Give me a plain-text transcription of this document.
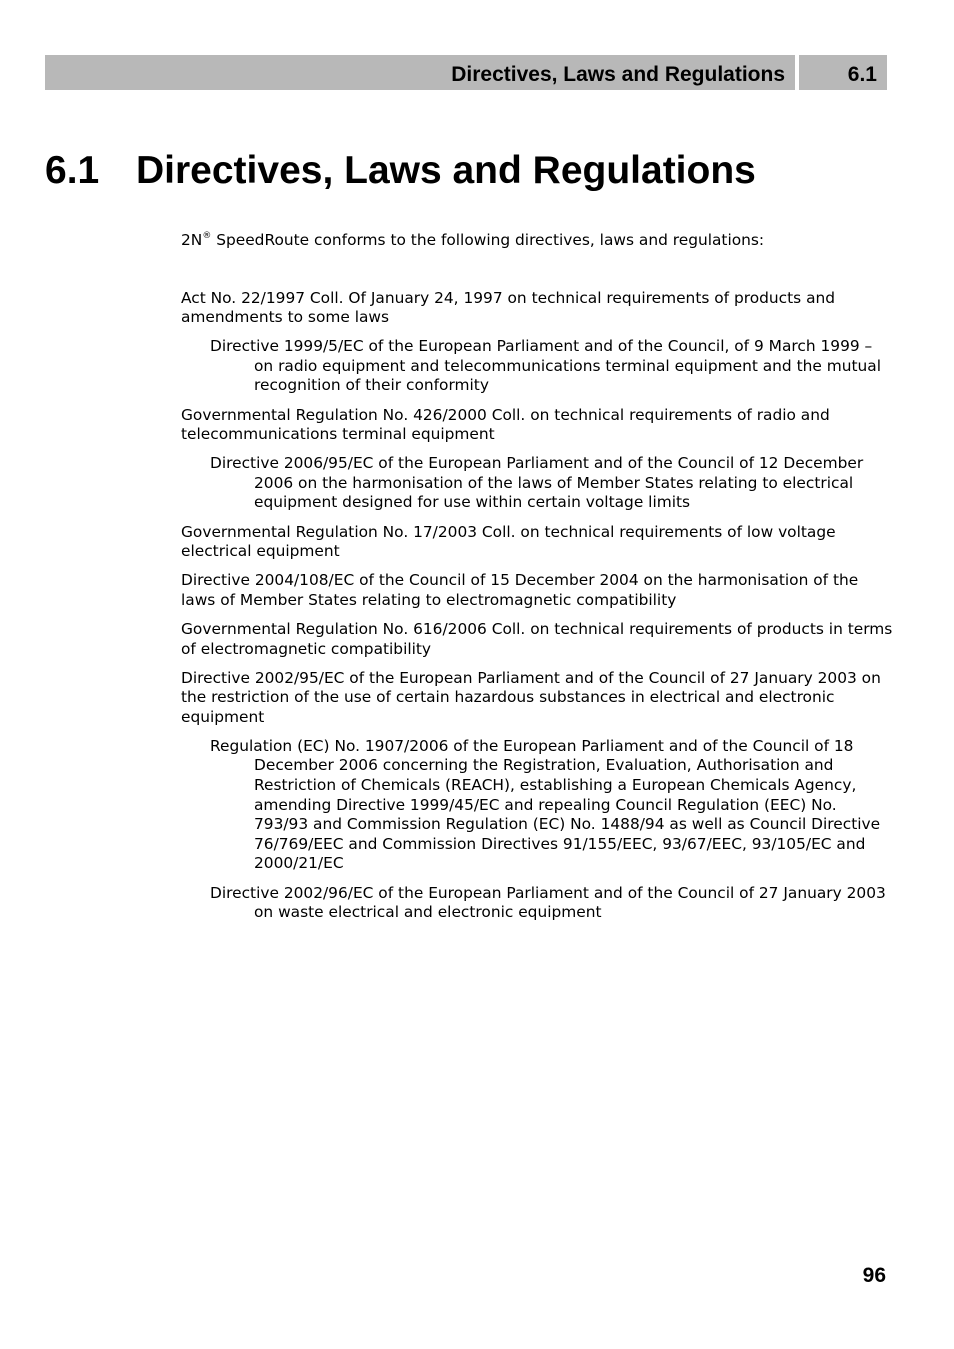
Directives, Laws and Regulations	6.1
6.1 Directives, Laws and Regulations

2N® SpeedRoute conforms to the following directives, laws and regulations:

Act No. 22/1997 Coll. Of January 24, 1997 on technical requirements of products and amendments to some laws

Directive 1999/5/EC of the European Parliament and of the Council, of 9 March 1999 – on radio equipment and telecommunications terminal equipment and the mutual recognition of their conformity

Governmental Regulation No. 426/2000 Coll. on technical requirements of radio and telecommunications terminal equipment

Directive 2006/95/EC of the European Parliament and of the Council of 12 December 2006 on the harmonisation of the laws of Member States relating to electrical equipment designed for use within certain voltage limits

Governmental Regulation No. 17/2003 Coll. on technical requirements of low voltage electrical equipment

Directive 2004/108/EC of the Council of 15 December 2004 on the harmonisation of the laws of Member States relating to electromagnetic compatibility

Governmental Regulation No. 616/2006 Coll. on technical requirements of products in terms of electromagnetic compatibility

Directive 2002/95/EC of the European Parliament and of the Council of 27 January 2003 on the restriction of the use of certain hazardous substances in electrical and electronic equipment

Regulation (EC) No. 1907/2006 of the European Parliament and of the Council of 18 December 2006 concerning the Registration, Evaluation, Authorisation and Restriction of Chemicals (REACH), establishing a European Chemicals Agency, amending Directive 1999/45/EC and repealing Council Regulation (EEC) No. 793/93 and Commission Regulation (EC) No. 1488/94 as well as Council Directive 76/769/EEC and Commission Directives 91/155/EEC, 93/67/EEC, 93/105/EC and 2000/21/EC

Directive 2002/96/EC of the European Parliament and of the Council of 27 January 2003 on waste electrical and electronic equipment

96
